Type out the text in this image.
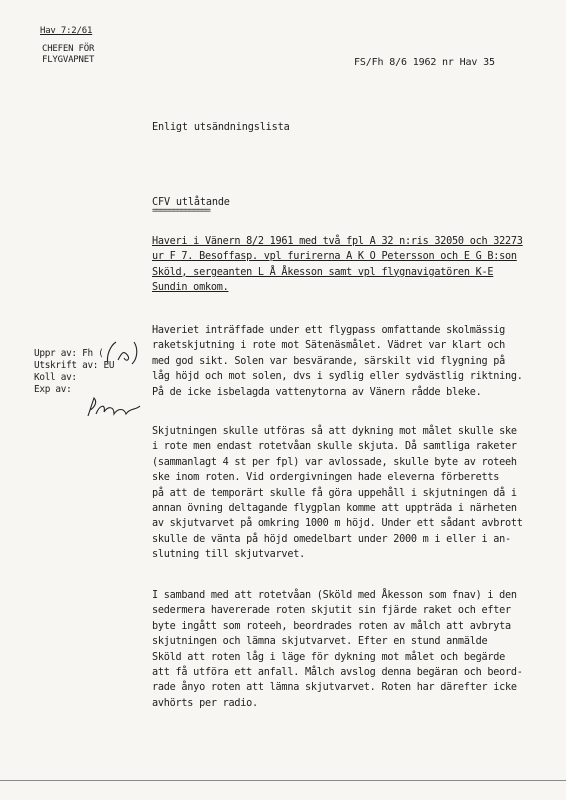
Hav 7:2/61
CHEFEN FÖR
FLYGVAPNET	FS/Fh 8/6 1962 nr Hav 35
Enligt utsändningslista
CFV utlåtande
==============
Haveri i Vänern 8/2 1961 med två fpl A 32 n:ris 32050 och 32273
ur F 7. Besoffasp. vpl furirerna A K O Petersson och E G B:son
Sköld, sergeanten L Å Åkesson samt vpl flygnavigatören K-E
Sundin omkom.
Uppr av: Fh (
Utskrift av: EU
Koll av:
Exp av:
Haveriet inträffade under ett flygpass omfattande skolmässig
raketskjutning i rote mot Sätenäsmålet. Vädret var klart och
med god sikt. Solen var besvärande, särskilt vid flygning på
låg höjd och mot solen, dvs i sydlig eller sydvästlig riktning.
På de icke isbelagda vattenytorna av Vänern rådde bleke.
Skjutningen skulle utföras så att dykning mot målet skulle ske
i rote men endast rotetvåan skulle skjuta. Då samtliga raketer
(sammanlagt 4 st per fpl) var avlossade, skulle byte av roteeh
ske inom roten. Vid ordergivningen hade eleverna förberetts
på att de temporärt skulle få göra uppehåll i skjutningen då i
annan övning deltagande flygplan komme att uppträda i närheten
av skjutvarvet på omkring 1000 m höjd. Under ett sådant avbrott
skulle de vänta på höjd omedelbart under 2000 m i eller i an-
slutning till skjutvarvet.
I samband med att rotetvåan (Sköld med Åkesson som fnav) i den
sedermera havererade roten skjutit sin fjärde raket och efter
byte ingått som roteeh, beordrades roten av målch att avbryta
skjutningen och lämna skjutvarvet. Efter en stund anmälde
Sköld att roten låg i läge för dykning mot målet och begärde
att få utföra ett anfall. Målch avslog denna begäran och beord-
rade ånyo roten att lämna skjutvarvet. Roten har därefter icke
avhörts per radio.
